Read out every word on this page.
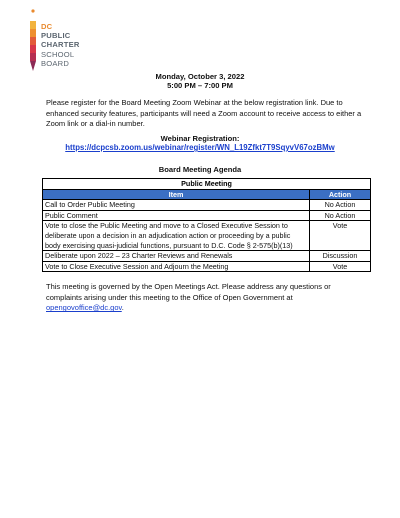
DC
PUBLIC
CHARTER
SCHOOL
BOARD
Monday, October 3, 2022
5:00 PM – 7:00 PM
Please register for the Board Meeting Zoom Webinar at the below registration link. Due to enhanced security features, participants will need a Zoom account to receive access to either a Zoom link or a dial-in number.
Webinar Registration:
https://dcpcsb.zoom.us/webinar/register/WN_L19Zfkt7T9SqyvV67ozBMw
Board Meeting Agenda
Public Meeting	
Item	Action
Call to Order Public Meeting	No Action
Public Comment	No Action
Vote to close the Public Meeting and move to a Closed Executive Session to deliberate upon a decision in an adjudication action or proceeding by a public body exercising quasi-judicial functions, pursuant to D.C. Code § 2-575(b)(13)	Vote
Deliberate upon 2022 – 23 Charter Reviews and Renewals	Discussion
Vote to Close Executive Session and Adjourn the Meeting	Vote
This meeting is governed by the Open Meetings Act. Please address any questions or complaints arising under this meeting to the Office of Open Government at opengovoffice@dc.gov.
